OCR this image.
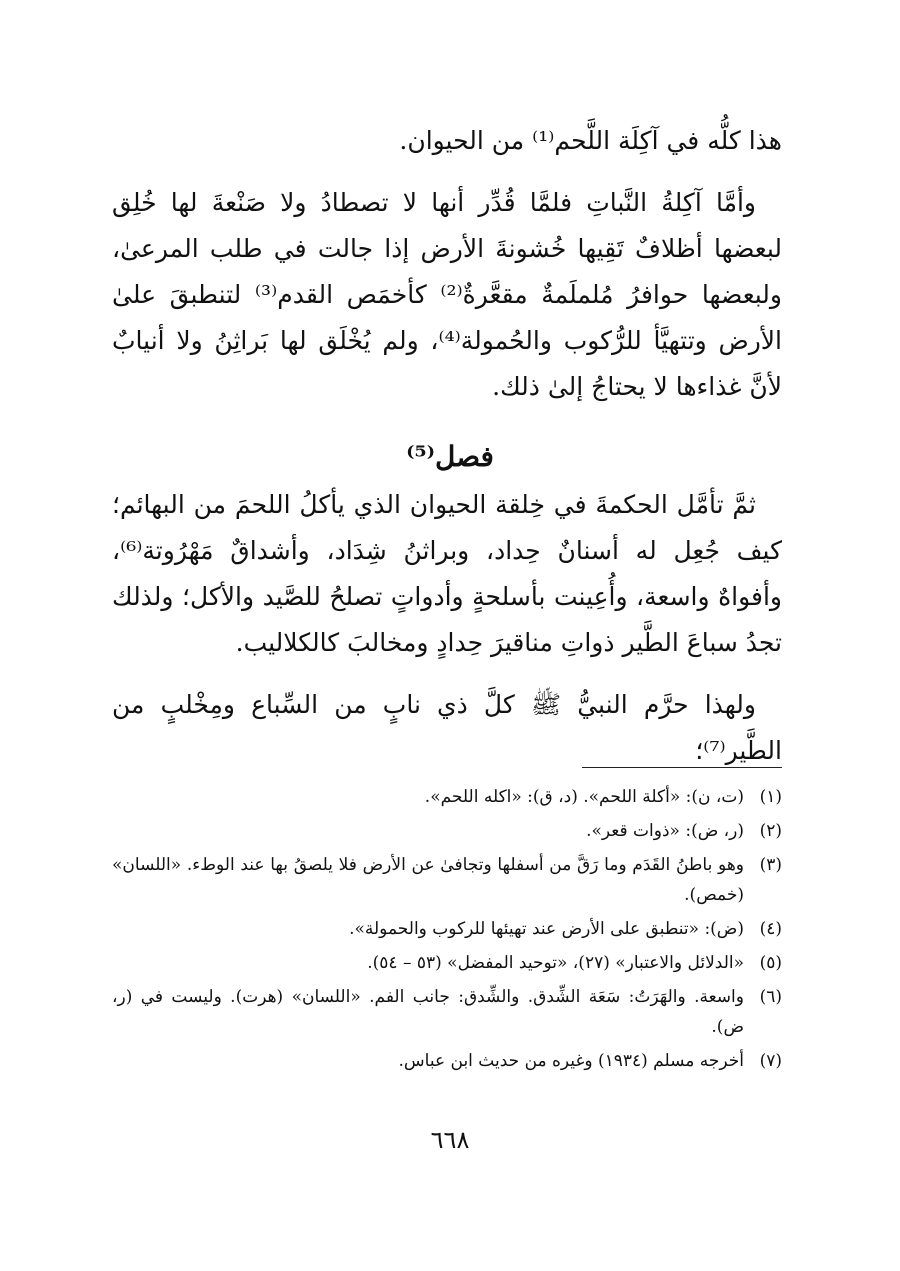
هذا كلُّه في آكِلَة اللَّحم⁽¹⁾ من الحيوان.

وأمَّا آكِلةُ النَّباتِ فلمَّا قُدِّر أنها لا تصطادُ ولا صَنْعةَ لها خُلِق لبعضها أظلافٌ تَقِيها خُشونةَ الأرض إذا جالت في طلب المرعىٰ، ولبعضها حوافرُ مُلملَمةٌ مقعَّرةٌ⁽²⁾ كأخمَص القدم⁽³⁾ لتنطبقَ علىٰ الأرض وتتهيَّأ للرُّكوب والحُمولة⁽⁴⁾، ولم يُخْلَق لها بَراثِنُ ولا أنيابٌ لأنَّ غذاءها لا يحتاجُ إلىٰ ذلك.

فصل⁽⁵⁾

ثمَّ تأمَّل الحكمةَ في خِلقة الحيوان الذي يأكلُ اللحمَ من البهائم؛ كيف جُعِل له أسنانٌ حِداد، وبراثنُ شِدَاد، وأشداقٌ مَهْرُوتة⁽⁶⁾، وأفواهٌ واسعة، وأُعِينت بأسلحةٍ وأدواتٍ تصلحُ للصَّيد والأكل؛ ولذلك تجدُ سباعَ الطَّير ذواتِ مناقيرَ حِدادٍ ومخالبَ كالكلاليب.

ولهذا حرَّم النبيُّ ﷺ كلَّ ذي نابٍ من السِّباع ومِخْلبٍ من الطَّير⁽⁷⁾؛

(١)
(ت، ن): «أكلة اللحم». (د، ق): «اكله اللحم».
(٢)
(ر، ض): «ذوات قعر».
(٣)
وهو باطنُ القَدَم وما رَقَّ من أسفلها وتجافىٰ عن الأرض فلا يلصقُ بها عند الوطء. «اللسان» (خمص).
(٤)
(ض): «تنطبق على الأرض عند تهيئها للركوب والحمولة».
(٥)
«الدلائل والاعتبار» (٢٧)، «توحيد المفضل» (٥٣ – ٥٤).
(٦)
واسعة. والهَرَتُ: سَعَة الشِّدق. والشِّدق: جانب الفم. «اللسان» (هرت). وليست في (ر، ض).
(٧)
أخرجه مسلم (١٩٣٤) وغيره من حديث ابن عباس.
٦٦٨
